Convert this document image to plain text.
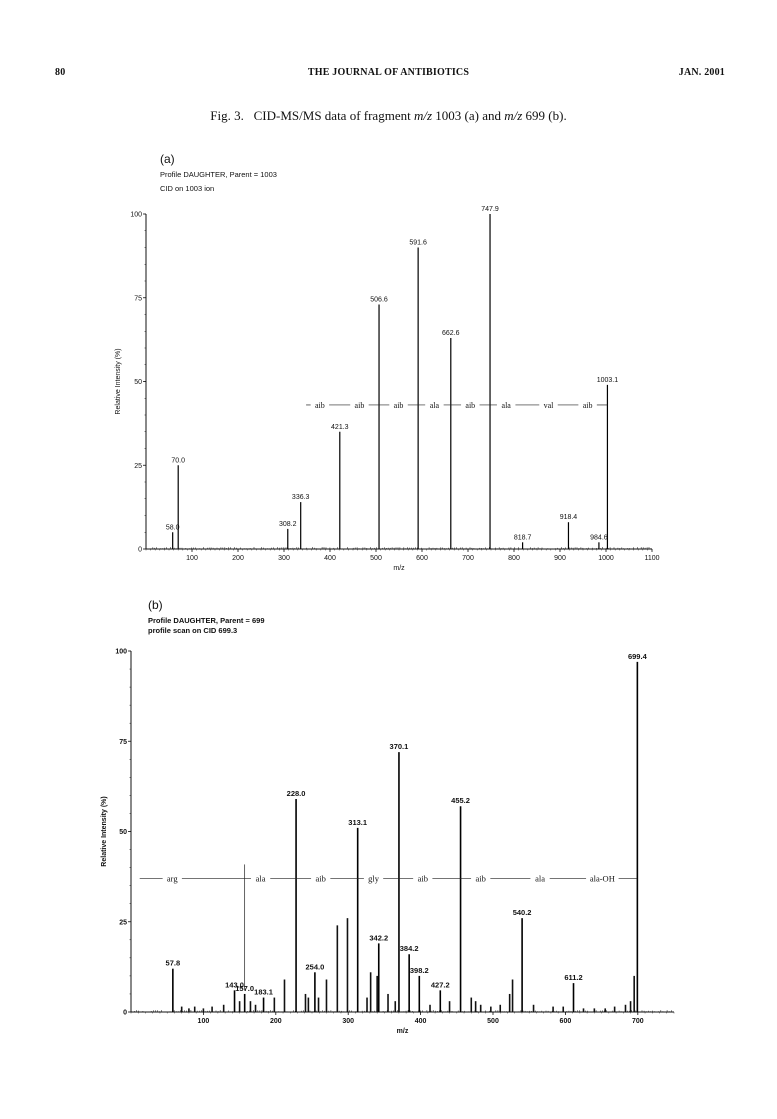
80	THE JOURNAL OF ANTIBIOTICS	JAN. 2001
Fig. 3. CID-MS/MS data of fragment m/z 1003 (a) and m/z 699 (b).
(a)
Profile DAUGHTER, Parent = 1003
CID on 1003 ion
(b)
Profile DAUGHTER, Parent = 699
profile scan on CID 699.3
0
25
50
75
100
100	200	300	400	500	600	700	800	900	1000	1100
m/z
Relative Intensity (%)
58.0
70.0
308.2
336.3
421.3
506.6
591.6
662.6
747.9
818.7
918.4
984.6
1003.1
aib	aib	aib	ala	aib	ala	val	aib
0
25
50
75
100
100	200	300	400	500	600	700
m/z
Relative Intensity (%)
57.8
143.0
157.0 183.1
228.0
254.0
313.1
342.2
370.1
384.2
398.2
427.2
455.2
540.2
611.2
699.4
arg	ala	aib	gly	aib	aib	ala	ala-OH
